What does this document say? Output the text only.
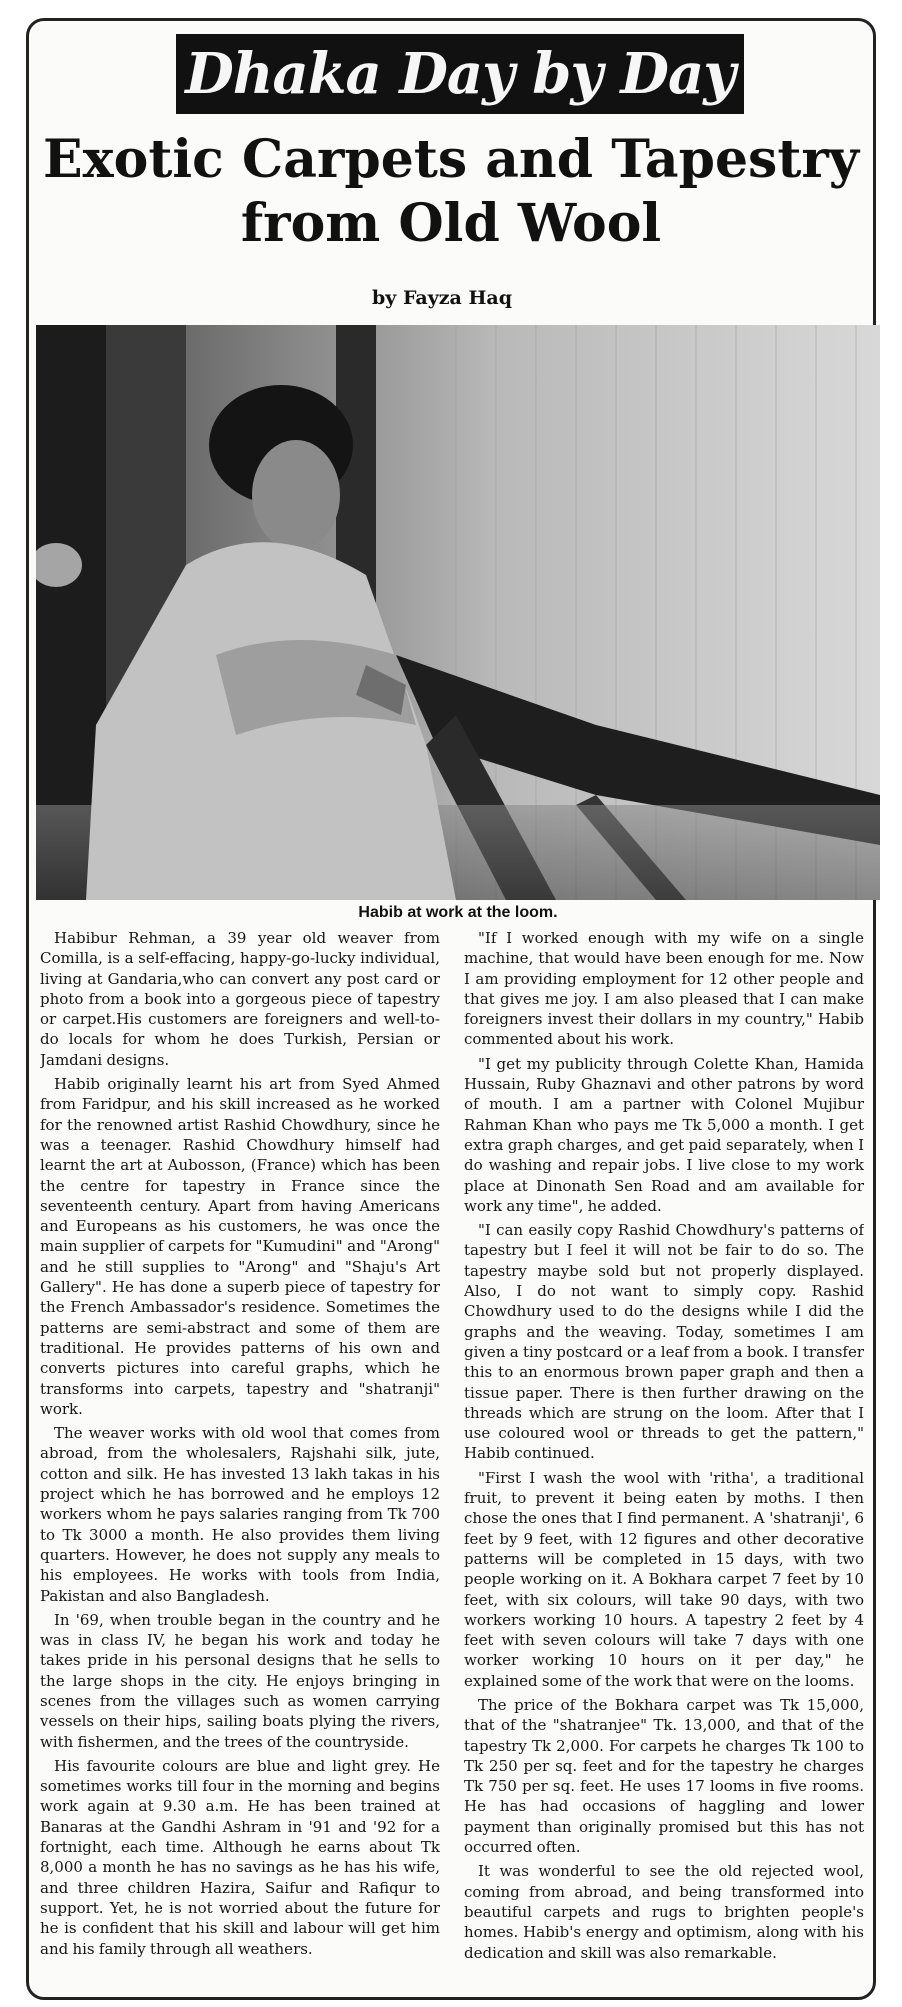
Dhaka Day by Day
Exotic Carpets and Tapestry from Old Wool
by Fayza Haq
Habib at work at the loom.

Habibur Rehman, a 39 year old weaver from Comilla, is a self-effacing, happy-go-lucky individual, living at Gandaria,who can convert any post card or photo from a book into a gorgeous piece of tapestry or carpet.His customers are foreigners and well-to-do locals for whom he does Turkish, Persian or Jamdani designs.

Habib originally learnt his art from Syed Ahmed from Faridpur, and his skill increased as he worked for the renowned artist Rashid Chowdhury, since he was a teenager. Rashid Chowdhury himself had learnt the art at Aubosson, (France) which has been the centre for tapestry in France since the seventeenth century. Apart from having Americans and Europeans as his customers, he was once the main supplier of carpets for "Kumudini" and "Arong" and he still supplies to "Arong" and "Shaju's Art Gallery". He has done a superb piece of tapestry for the French Ambassador's residence. Sometimes the patterns are semi-abstract and some of them are traditional. He provides patterns of his own and converts pictures into careful graphs, which he transforms into carpets, tapestry and "shatranji" work.

The weaver works with old wool that comes from abroad, from the wholesalers, Rajshahi silk, jute, cotton and silk. He has invested 13 lakh takas in his project which he has borrowed and he employs 12 workers whom he pays salaries ranging from Tk 700 to Tk 3000 a month. He also provides them living quarters. However, he does not supply any meals to his employees. He works with tools from India, Pakistan and also Bangladesh.

In '69, when trouble began in the country and he was in class IV, he began his work and today he takes pride in his personal designs that he sells to the large shops in the city. He enjoys bringing in scenes from the villages such as women carrying vessels on their hips, sailing boats plying the rivers, with fishermen, and the trees of the countryside.

His favourite colours are blue and light grey. He sometimes works till four in the morning and begins work again at 9.30 a.m. He has been trained at Banaras at the Gandhi Ashram in '91 and '92 for a fortnight, each time. Although he earns about Tk 8,000 a month he has no savings as he has his wife, and three children Hazira, Saifur and Rafiqur to support. Yet, he is not worried about the future for he is confident that his skill and labour will get him and his family through all weathers.

"If I worked enough with my wife on a single machine, that would have been enough for me. Now I am providing employment for 12 other people and that gives me joy. I am also pleased that I can make foreigners invest their dollars in my country," Habib commented about his work.

"I get my publicity through Colette Khan, Hamida Hussain, Ruby Ghaznavi and other patrons by word of mouth. I am a partner with Colonel Mujibur Rahman Khan who pays me Tk 5,000 a month. I get extra graph charges, and get paid separately, when I do washing and repair jobs. I live close to my work place at Dinonath Sen Road and am available for work any time", he added.

"I can easily copy Rashid Chowdhury's patterns of tapestry but I feel it will not be fair to do so. The tapestry maybe sold but not properly displayed. Also, I do not want to simply copy. Rashid Chowdhury used to do the designs while I did the graphs and the weaving. Today, sometimes I am given a tiny postcard or a leaf from a book. I transfer this to an enormous brown paper graph and then a tissue paper. There is then further drawing on the threads which are strung on the loom. After that I use coloured wool or threads to get the pattern," Habib continued.

"First I wash the wool with 'ritha', a traditional fruit, to prevent it being eaten by moths. I then chose the ones that I find permanent. A 'shatranji', 6 feet by 9 feet, with 12 figures and other decorative patterns will be completed in 15 days, with two people working on it. A Bokhara carpet 7 feet by 10 feet, with six colours, will take 90 days, with two workers working 10 hours. A tapestry 2 feet by 4 feet with seven colours will take 7 days with one worker working 10 hours on it per day," he explained some of the work that were on the looms.

The price of the Bokhara carpet was Tk 15,000, that of the "shatranjee" Tk. 13,000, and that of the tapestry Tk 2,000. For carpets he charges Tk 100 to Tk 250 per sq. feet and for the tapestry he charges Tk 750 per sq. feet. He uses 17 looms in five rooms. He has had occasions of haggling and lower payment than originally promised but this has not occurred often.

It was wonderful to see the old rejected wool, coming from abroad, and being transformed into beautiful carpets and rugs to brighten people's homes. Habib's energy and optimism, along with his dedication and skill was also remarkable.
